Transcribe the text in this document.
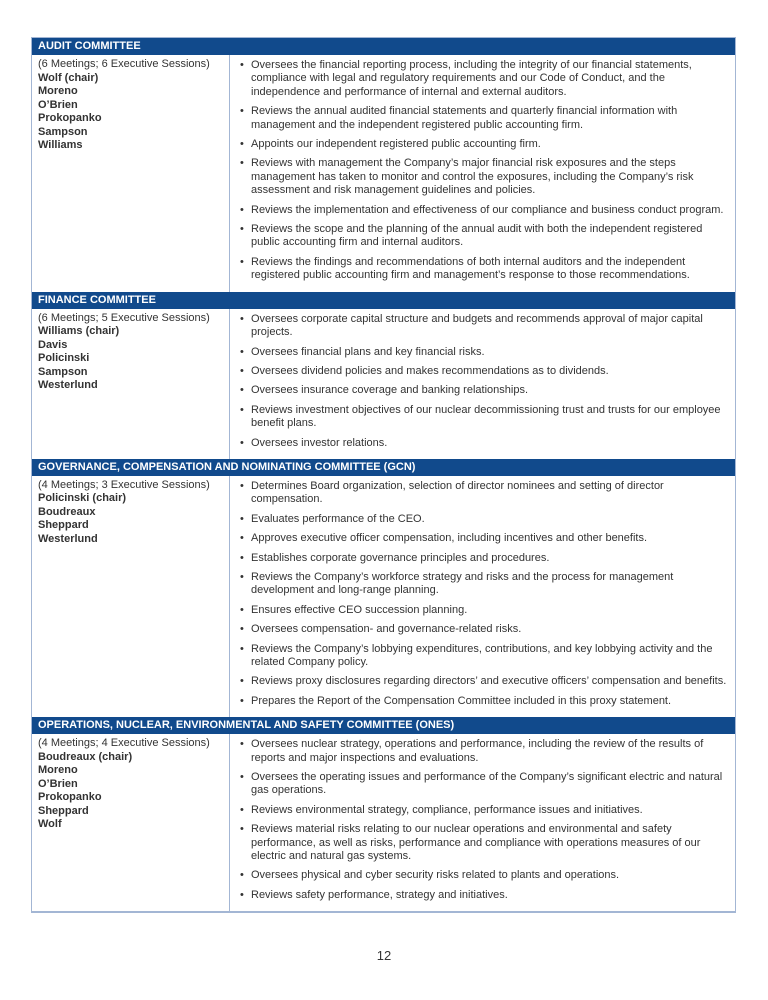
AUDIT COMMITTEE
(6 Meetings; 6 Executive Sessions)
Wolf (chair)
Moreno
O’Brien
Prokopanko
Sampson
Williams
• Oversees the financial reporting process, including the integrity of our financial statements, compliance with legal and regulatory requirements and our Code of Conduct, and the independence and performance of internal and external auditors.
• Reviews the annual audited financial statements and quarterly financial information with management and the independent registered public accounting firm.
• Appoints our independent registered public accounting firm.
• Reviews with management the Company’s major financial risk exposures and the steps management has taken to monitor and control the exposures, including the Company’s risk assessment and risk management guidelines and policies.
• Reviews the implementation and effectiveness of our compliance and business conduct program.
• Reviews the scope and the planning of the annual audit with both the independent registered public accounting firm and internal auditors.
• Reviews the findings and recommendations of both internal auditors and the independent registered public accounting firm and management’s response to those recommendations.
FINANCE COMMITTEE
(6 Meetings; 5 Executive Sessions)
Williams (chair)
Davis
Policinski
Sampson
Westerlund
• Oversees corporate capital structure and budgets and recommends approval of major capital projects.
• Oversees financial plans and key financial risks.
• Oversees dividend policies and makes recommendations as to dividends.
• Oversees insurance coverage and banking relationships.
• Reviews investment objectives of our nuclear decommissioning trust and trusts for our employee benefit plans.
• Oversees investor relations.
GOVERNANCE, COMPENSATION AND NOMINATING COMMITTEE (GCN)
(4 Meetings; 3 Executive Sessions)
Policinski (chair)
Boudreaux
Sheppard
Westerlund
• Determines Board organization, selection of director nominees and setting of director compensation.
• Evaluates performance of the CEO.
• Approves executive officer compensation, including incentives and other benefits.
• Establishes corporate governance principles and procedures.
• Reviews the Company’s workforce strategy and risks and the process for management development and long-range planning.
• Ensures effective CEO succession planning.
• Oversees compensation- and governance-related risks.
• Reviews the Company’s lobbying expenditures, contributions, and key lobbying activity and the related Company policy.
• Reviews proxy disclosures regarding directors’ and executive officers’ compensation and benefits.
• Prepares the Report of the Compensation Committee included in this proxy statement.
OPERATIONS, NUCLEAR, ENVIRONMENTAL AND SAFETY COMMITTEE (ONES)
(4 Meetings; 4 Executive Sessions)
Boudreaux (chair)
Moreno
O’Brien
Prokopanko
Sheppard
Wolf
• Oversees nuclear strategy, operations and performance, including the review of the results of reports and major inspections and evaluations.
• Oversees the operating issues and performance of the Company’s significant electric and natural gas operations.
• Reviews environmental strategy, compliance, performance issues and initiatives.
• Reviews material risks relating to our nuclear operations and environmental and safety performance, as well as risks, performance and compliance with operations measures of our electric and natural gas systems.
• Oversees physical and cyber security risks related to plants and operations.
• Reviews safety performance, strategy and initiatives.
12
